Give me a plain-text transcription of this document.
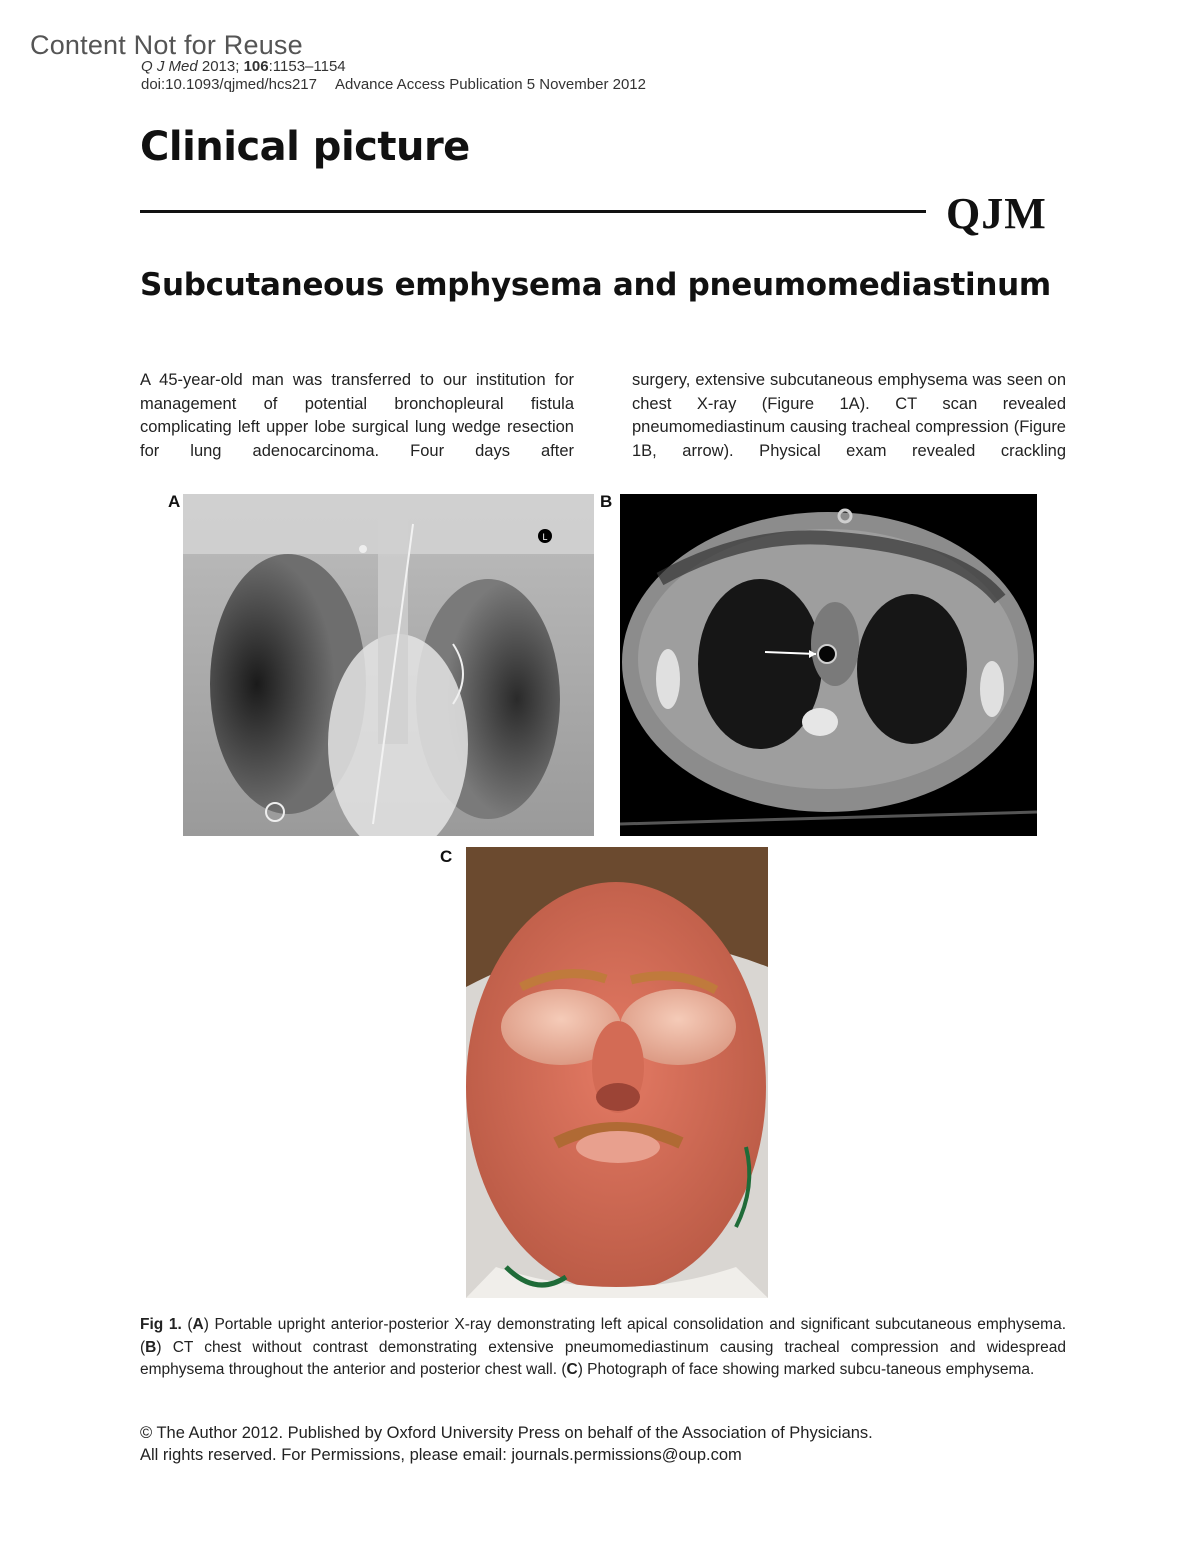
Content Not for Reuse
Q J Med 2013; 106:1153–1154
doi:10.1093/qjmed/hcs217 Advance Access Publication 5 November 2012
Clinical picture
QJM
Subcutaneous emphysema and pneumomediastinum
A 45-year-old man was transferred to our institution for management of potential bronchopleural fistula complicating left upper lobe surgical lung wedge resection for lung adenocarcinoma. Four days after
surgery, extensive subcutaneous emphysema was seen on chest X-ray (Figure 1A). CT scan revealed pneumomediastinum causing tracheal compression (Figure 1B, arrow). Physical exam revealed crackling
A
L
B
C
Fig 1. (A) Portable upright anterior-posterior X-ray demonstrating left apical consolidation and significant subcutaneous emphysema. (B) CT chest without contrast demonstrating extensive pneumomediastinum causing tracheal compression and widespread emphysema throughout the anterior and posterior chest wall. (C) Photograph of face showing marked subcu-taneous emphysema.
© The Author 2012. Published by Oxford University Press on behalf of the Association of Physicians.
All rights reserved. For Permissions, please email: journals.permissions@oup.com
